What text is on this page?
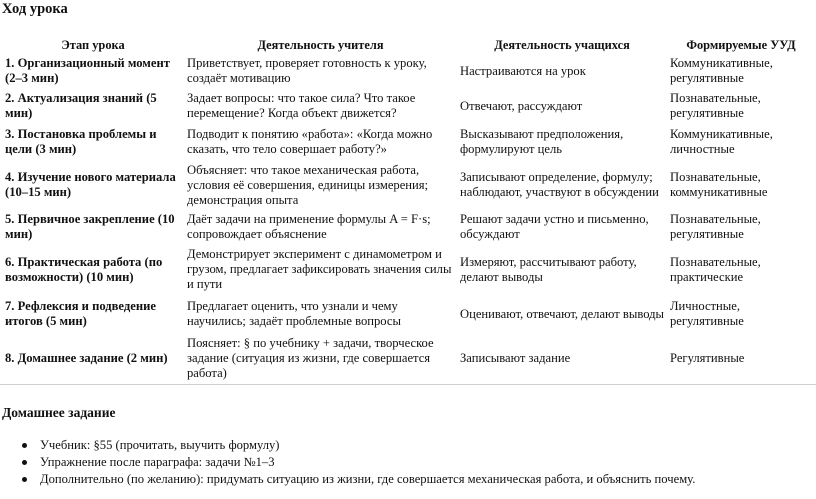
Ход урока
Этап урока	Деятельность учителя	Деятельность учащихся	Формируемые УУД
1. Организационный момент (2–3 мин)	Приветствует, проверяет готовность к уроку, создаёт мотивацию	Настраиваются на урок	Коммуникативные, регулятивные
2. Актуализация знаний (5 мин)	Задает вопросы: что такое сила? Что такое перемещение? Когда объект движется?	Отвечают, рассуждают	Познавательные, регулятивные
3. Постановка проблемы и цели (3 мин)	Подводит к понятию «работа»: «Когда можно сказать, что тело совершает работу?»	Высказывают предположения, формулируют цель	Коммуникативные, личностные
4. Изучение нового материала (10–15 мин)	Объясняет: что такое механическая работа, условия её совершения, единицы измерения; демонстрация опыта	Записывают определение, формулу; наблюдают, участвуют в обсуждении	Познавательные, коммуникативные
5. Первичное закрепление (10 мин)	Даёт задачи на применение формулы A = F·s; сопровождает объяснение	Решают задачи устно и письменно, обсуждают	Познавательные, регулятивные
6. Практическая работа (по возможности) (10 мин)	Демонстрирует эксперимент с динамометром и грузом, предлагает зафиксировать значения силы и пути	Измеряют, рассчитывают работу, делают выводы	Познавательные, практические
7. Рефлексия и подведение итогов (5 мин)	Предлагает оценить, что узнали и чему научились; задаёт проблемные вопросы	Оценивают, отвечают, делают выводы	Личностные, регулятивные
8. Домашнее задание (2 мин)	Поясняет: § по учебнику + задачи, творческое задание (ситуация из жизни, где совершается работа)	Записывают задание	Регулятивные
Домашнее задание
Учебник: §55 (прочитать, выучить формулу)
Упражнение после параграфа: задачи №1–3
Дополнительно (по желанию): придумать ситуацию из жизни, где совершается механическая работа, и объяснить почему.
